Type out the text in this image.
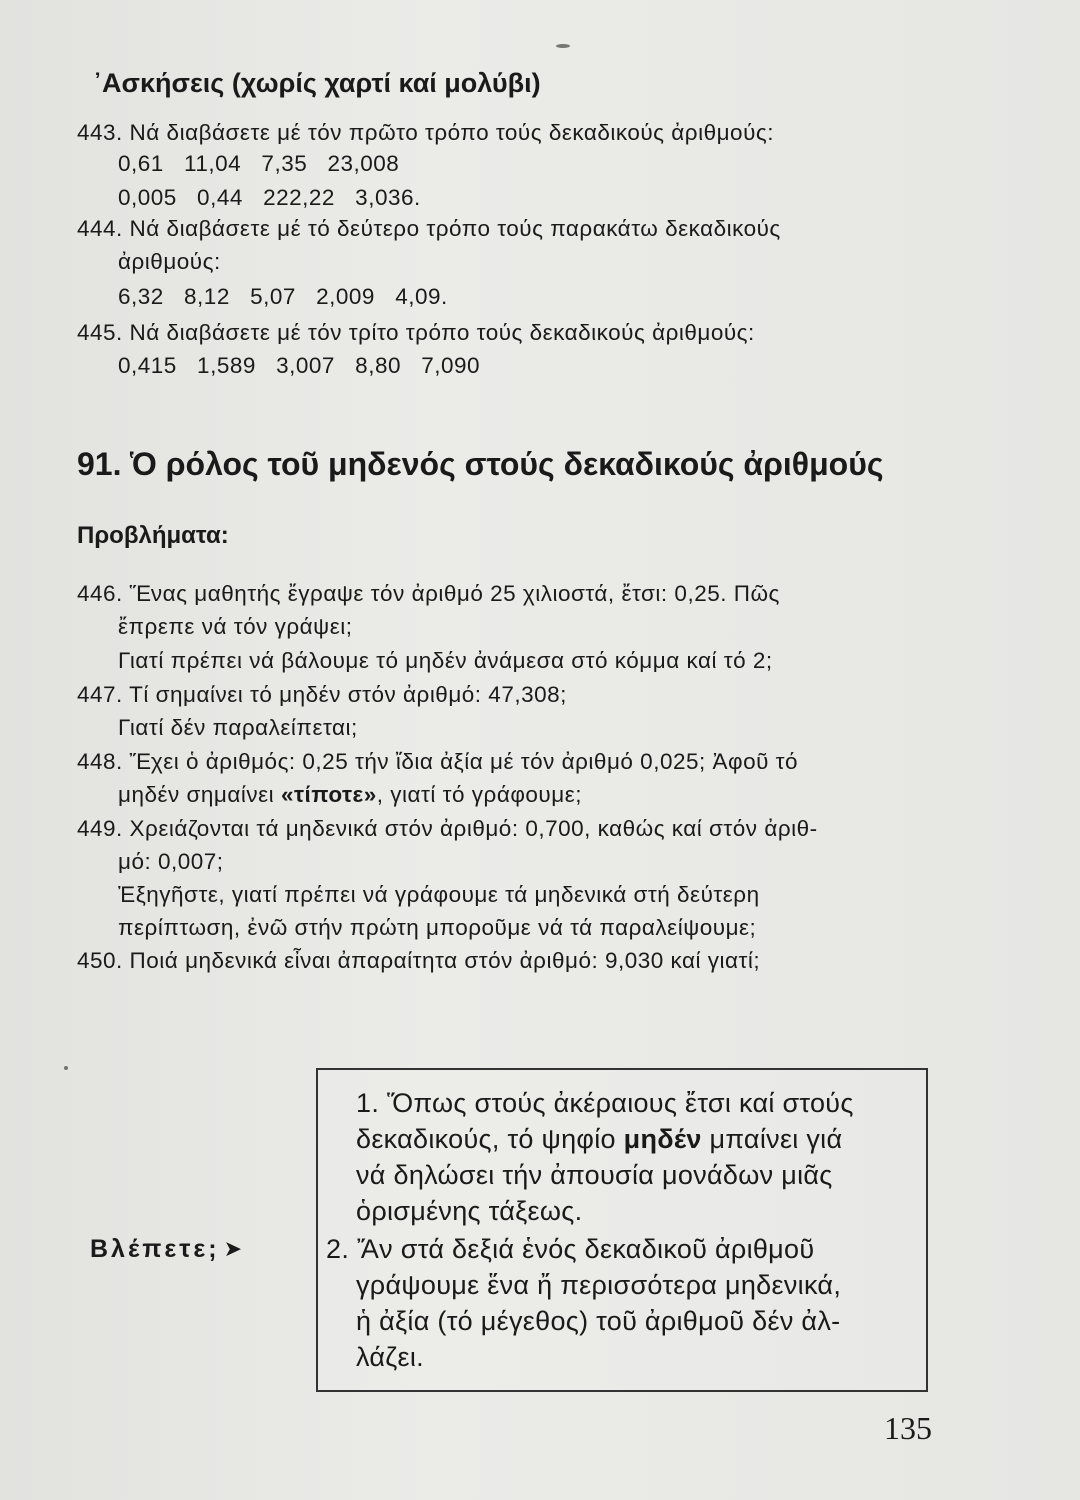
᾽Ασκήσεις (χωρίς χαρτί καί μολύβι)
443. Νά διαβάσετε μέ τόν πρῶτο τρόπο τούς δεκαδικούς ἀριθμούς:
0,61   11,04   7,35   23,008
0,005   0,44   222,22   3,036.
444. Νά διαβάσετε μέ τό δεύτερο τρόπο τούς παρακάτω δεκαδικούς
ἀριθμούς:
6,32   8,12   5,07   2,009   4,09.
445. Νά διαβάσετε μέ τόν τρίτο τρόπο τούς δεκαδικούς ἀριθμούς:
0,415   1,589   3,007   8,80   7,090
91. Ὁ ρόλος τοῦ μηδενός στούς δεκαδικούς ἀριθμούς
Προβλήματα:
446. Ἕνας μαθητής ἔγραψε τόν ἀριθμό 25 χιλιοστά, ἔτσι: 0,25. Πῶς
ἔπρεπε νά τόν γράψει;
Γιατί πρέπει νά βάλουμε τό μηδέν ἀνάμεσα στό κόμμα καί τό 2;
447. Τί σημαίνει τό μηδέν στόν ἀριθμό: 47,308;
Γιατί δέν παραλείπεται;
448. Ἔχει ὁ ἀριθμός: 0,25 τήν ἴδια ἀξία μέ τόν ἀριθμό 0,025; Ἀφοῦ τό
μηδέν σημαίνει «τίποτε», γιατί τό γράφουμε;
449. Χρειάζονται τά μηδενικά στόν ἀριθμό: 0,700, καθώς καί στόν ἀριθ-
μό: 0,007;
Ἐξηγῆστε, γιατί πρέπει νά γράφουμε τά μηδενικά στή δεύτερη
περίπτωση, ἐνῶ στήν πρώτη μποροῦμε νά τά παραλείψουμε;
450. Ποιά μηδενικά εἶναι ἀπαραίτητα στόν ἀριθμό: 9,030 καί γιατί;
Βλέπετε; ➤
1. Ὅπως στούς ἀκέραιους ἔτσι καί στούς
δεκαδικούς, τό ψηφίο μηδέν μπαίνει γιά
νά δηλώσει τήν ἀπουσία μονάδων μιᾶς
ὁρισμένης τάξεως.
2. Ἄν στά δεξιά ἑνός δεκαδικοῦ ἀριθμοῦ
γράψουμε ἕνα ἤ περισσότερα μηδενικά,
ἡ ἀξία (τό μέγεθος) τοῦ ἀριθμοῦ δέν ἀλ-
λάζει.
135
